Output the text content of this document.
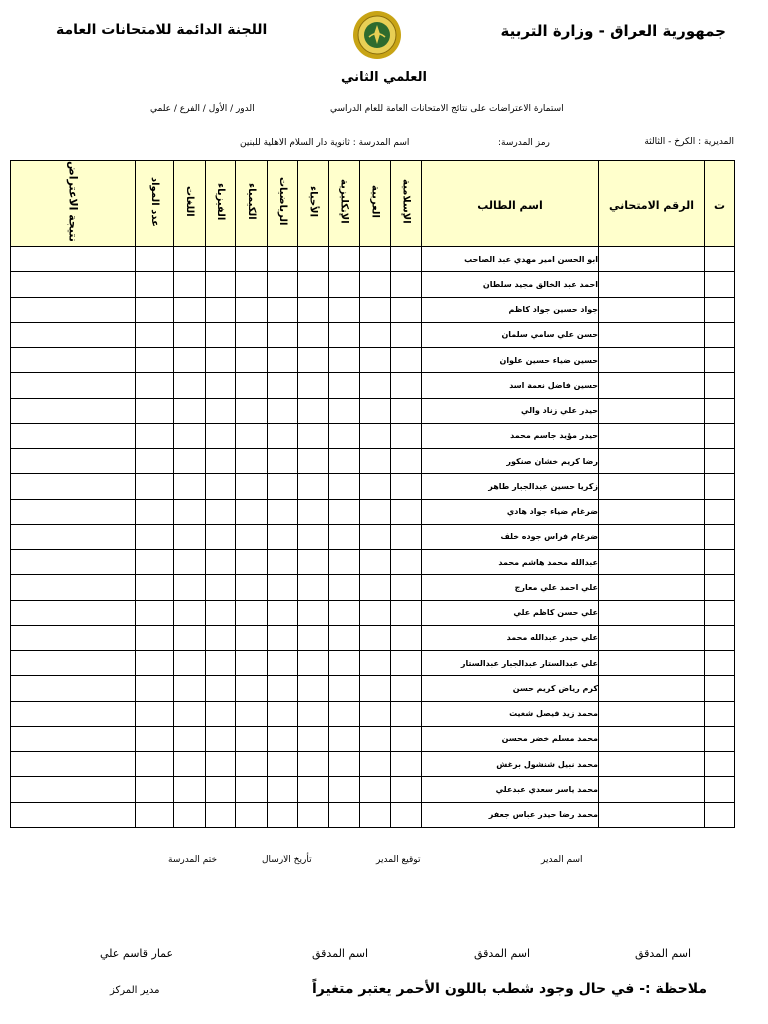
جمهورية العراق - وزارة التربية
اللجنة الدائمة للامتحانات العامة
العلمي الثاني
استمارة الاعتراضات على نتائج الامتحانات العامة للعام الدراسي
الدور / الأول / الفرع / علمي
المديرية : الكرخ - الثالثة
رمز المدرسة:
اسم المدرسة : ثانوية دار السلام الاهلية للبنين
نتيجة الاعتراض	عدد المواد	اللغات	الفيزياء	الكيمياء	الرياضيات	الأحياء	الإنكليزية	العربية	الإسلامية	اسم الطالب	الرقم الامتحاني	ت
										ابو الحسن امير مهدي عبد الصاحب		
										احمد عبد الخالق مجيد سلطان		
										جواد حسين جواد كاظم		
										حسن علي سامي سلمان		
										حسين ضياء حسين علوان		
										حسين فاضل نعمة اسد		
										حيدر علي زناد والي		
										حيدر مؤيد جاسم محمد		
										رضا كريم خشان صنكور		
										زكريا حسين عبدالجبار طاهر		
										ضرغام ضياء جواد هادي		
										ضرغام فراس جوده خلف		
										عبدالله محمد هاشم محمد		
										علي احمد علي معارج		
										علي حسن كاظم علي		
										علي حيدر عبدالله محمد		
										علي عبدالستار عبدالجبار عبدالستار		
										كرم رياض كريم حسن		
										محمد زيد فيصل شغيت		
										محمد مسلم خضر محسن		
										محمد نبيل شنشول برغش		
										محمد ياسر سعدي عبدعلي		
										محمد رضا حيدر عباس جعفر		
اسم المدير
توقيع المدير
تأريخ الارسال
ختم المدرسة
اسم المدقق
اسم المدقق
اسم المدقق
عمار قاسم علي
ملاحظة :- في حال وجود شطب باللون الأحمر يعتبر متغيراً
مدير المركز
